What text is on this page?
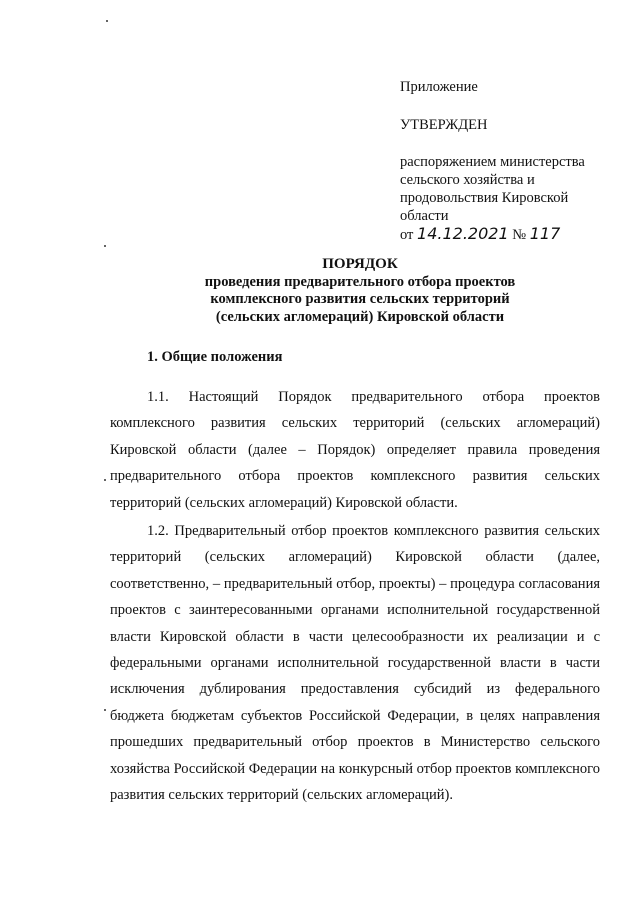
Приложение
УТВЕРЖДЕН
распоряжением министерства
сельского хозяйства и
продовольствия Кировской
области
от 14.12.2021 № 117
ПОРЯДОК
проведения предварительного отбора проектов
комплексного развития сельских территорий
(сельских агломераций) Кировской области
1. Общие положения

1.1. Настоящий Порядок предварительного отбора проектов комплексного развития сельских территорий (сельских агломераций) Кировской области (далее – Порядок) определяет правила проведения предварительного отбора проектов комплексного развития сельских территорий (сельских агломераций) Кировской области.

1.2. Предварительный отбор проектов комплексного развития сельских территорий (сельских агломераций) Кировской области (далее, соответственно, – предварительный отбор, проекты) – процедура согласования проектов с заинтересованными органами исполнительной государственной власти Кировской области в части целесообразности их реализации и с федеральными органами исполнительной государственной власти в части исключения дублирования предоставления субсидий из федерального бюджета бюджетам субъектов Российской Федерации, в целях направления прошедших предварительный отбор проектов в Министерство сельского хозяйства Российской Федерации на конкурсный отбор проектов комплексного развития сельских территорий (сельских агломераций).
